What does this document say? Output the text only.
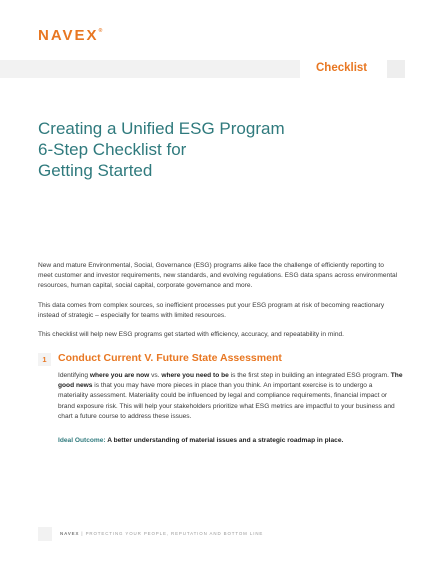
NAVEX®
Checklist
Creating a Unified ESG Program
6-Step Checklist for
Getting Started

New and mature Environmental, Social, Governance (ESG) programs alike face the challenge of efficiently reporting to meet customer and investor requirements, new standards, and evolving regulations. ESG data spans across environmental resources, human capital, social capital, corporate governance and more.

This data comes from complex sources, so inefficient processes put your ESG program at risk of becoming reactionary instead of strategic – especially for teams with limited resources.

This checklist will help new ESG programs get started with efficiency, accuracy, and repeatability in mind.

1	Conduct Current V. Future State Assessment

Identifying where you are now vs. where you need to be is the first step in building an integrated ESG program. The good news is that you may have more pieces in place than you think. An important exercise is to undergo a materiality assessment. Materiality could be influenced by legal and compliance requirements, financial impact or brand exposure risk. This will help your stakeholders prioritize what ESG metrics are impactful to your business and chart a future course to address these issues.

Ideal Outcome: A better understanding of material issues and a strategic roadmap in place.

NAVEX | PROTECTING YOUR PEOPLE, REPUTATION AND BOTTOM LINE
